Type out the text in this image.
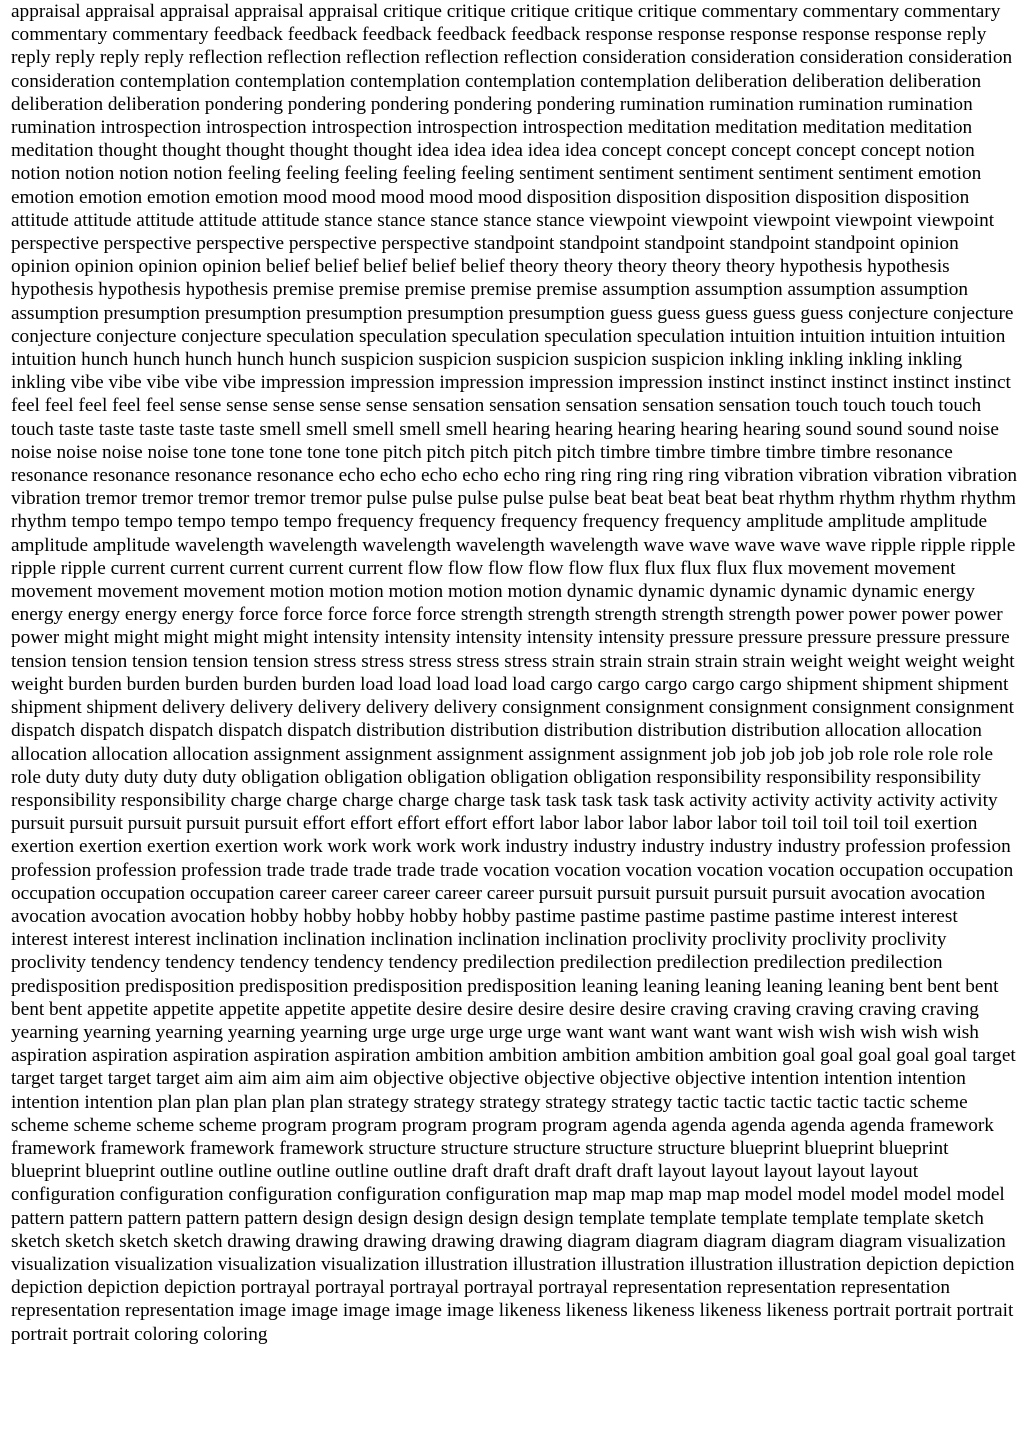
appraisal appraisal appraisal appraisal appraisal critique critique critique critique critique commentary commentary commentary commentary commentary feedback feedback feedback feedback feedback response response response response response reply reply reply reply reply reflection reflection reflection reflection reflection consideration consideration consideration consideration consideration contemplation contemplation contemplation contemplation contemplation deliberation deliberation deliberation deliberation deliberation pondering pondering pondering pondering pondering rumination rumination rumination rumination rumination introspection introspection introspection introspection introspection meditation meditation meditation meditation meditation thought thought thought thought thought idea idea idea idea idea concept concept concept concept concept notion notion notion notion notion feeling feeling feeling feeling feeling sentiment sentiment sentiment sentiment sentiment emotion emotion emotion emotion emotion mood mood mood mood mood disposition disposition disposition disposition disposition attitude attitude attitude attitude attitude stance stance stance stance stance viewpoint viewpoint viewpoint viewpoint viewpoint perspective perspective perspective perspective perspective standpoint standpoint standpoint standpoint standpoint opinion opinion opinion opinion opinion belief belief belief belief belief theory theory theory theory theory hypothesis hypothesis hypothesis hypothesis hypothesis premise premise premise premise premise assumption assumption assumption assumption assumption presumption presumption presumption presumption presumption guess guess guess guess guess conjecture conjecture conjecture conjecture conjecture speculation speculation speculation speculation speculation intuition intuition intuition intuition intuition hunch hunch hunch hunch hunch suspicion suspicion suspicion suspicion suspicion inkling inkling inkling inkling inkling vibe vibe vibe vibe vibe impression impression impression impression impression instinct instinct instinct instinct instinct feel feel feel feel feel sense sense sense sense sense sensation sensation sensation sensation sensation touch touch touch touch touch taste taste taste taste taste smell smell smell smell smell hearing hearing hearing hearing hearing sound sound sound noise noise noise noise noise tone tone tone tone tone pitch pitch pitch pitch pitch timbre timbre timbre timbre timbre resonance resonance resonance resonance resonance echo echo echo echo echo ring ring ring ring ring vibration vibration vibration vibration vibration tremor tremor tremor tremor tremor pulse pulse pulse pulse pulse beat beat beat beat beat rhythm rhythm rhythm rhythm rhythm tempo tempo tempo tempo tempo frequency frequency frequency frequency frequency amplitude amplitude amplitude amplitude amplitude wavelength wavelength wavelength wavelength wavelength wave wave wave wave wave ripple ripple ripple ripple ripple current current current current current flow flow flow flow flow flux flux flux flux flux movement movement movement movement movement motion motion motion motion motion dynamic dynamic dynamic dynamic dynamic energy energy energy energy energy force force force force force strength strength strength strength strength power power power power power might might might might might intensity intensity intensity intensity intensity pressure pressure pressure pressure pressure tension tension tension tension tension stress stress stress stress stress strain strain strain strain strain weight weight weight weight weight burden burden burden burden burden load load load load load cargo cargo cargo cargo cargo shipment shipment shipment shipment shipment delivery delivery delivery delivery delivery consignment consignment consignment consignment consignment dispatch dispatch dispatch dispatch dispatch distribution distribution distribution distribution distribution allocation allocation allocation allocation allocation assignment assignment assignment assignment assignment job job job job job role role role role role duty duty duty duty duty obligation obligation obligation obligation obligation responsibility responsibility responsibility responsibility responsibility charge charge charge charge charge task task task task task activity activity activity activity activity pursuit pursuit pursuit pursuit pursuit effort effort effort effort effort labor labor labor labor labor toil toil toil toil toil exertion exertion exertion exertion exertion work work work work work industry industry industry industry industry profession profession profession profession profession trade trade trade trade trade vocation vocation vocation vocation vocation occupation occupation occupation occupation occupation career career career career career pursuit pursuit pursuit pursuit pursuit avocation avocation avocation avocation avocation hobby hobby hobby hobby hobby pastime pastime pastime pastime pastime interest interest interest interest interest inclination inclination inclination inclination inclination proclivity proclivity proclivity proclivity proclivity tendency tendency tendency tendency tendency predilection predilection predilection predilection predilection predisposition predisposition predisposition predisposition predisposition leaning leaning leaning leaning leaning bent bent bent bent bent appetite appetite appetite appetite appetite desire desire desire desire desire craving craving craving craving craving yearning yearning yearning yearning yearning urge urge urge urge urge want want want want want wish wish wish wish wish aspiration aspiration aspiration aspiration aspiration ambition ambition ambition ambition ambition goal goal goal goal goal target target target target target aim aim aim aim aim objective objective objective objective objective intention intention intention intention intention plan plan plan plan plan strategy strategy strategy strategy strategy tactic tactic tactic tactic tactic scheme scheme scheme scheme scheme program program program program program agenda agenda agenda agenda agenda framework framework framework framework framework structure structure structure structure structure blueprint blueprint blueprint blueprint blueprint outline outline outline outline outline draft draft draft draft draft layout layout layout layout layout configuration configuration configuration configuration configuration map map map map map model model model model model pattern pattern pattern pattern pattern design design design design design template template template template template sketch sketch sketch sketch sketch drawing drawing drawing drawing drawing diagram diagram diagram diagram diagram visualization visualization visualization visualization visualization illustration illustration illustration illustration illustration depiction depiction depiction depiction depiction portrayal portrayal portrayal portrayal portrayal representation representation representation representation representation image image image image image likeness likeness likeness likeness likeness portrait portrait portrait portrait portrait coloring coloring
